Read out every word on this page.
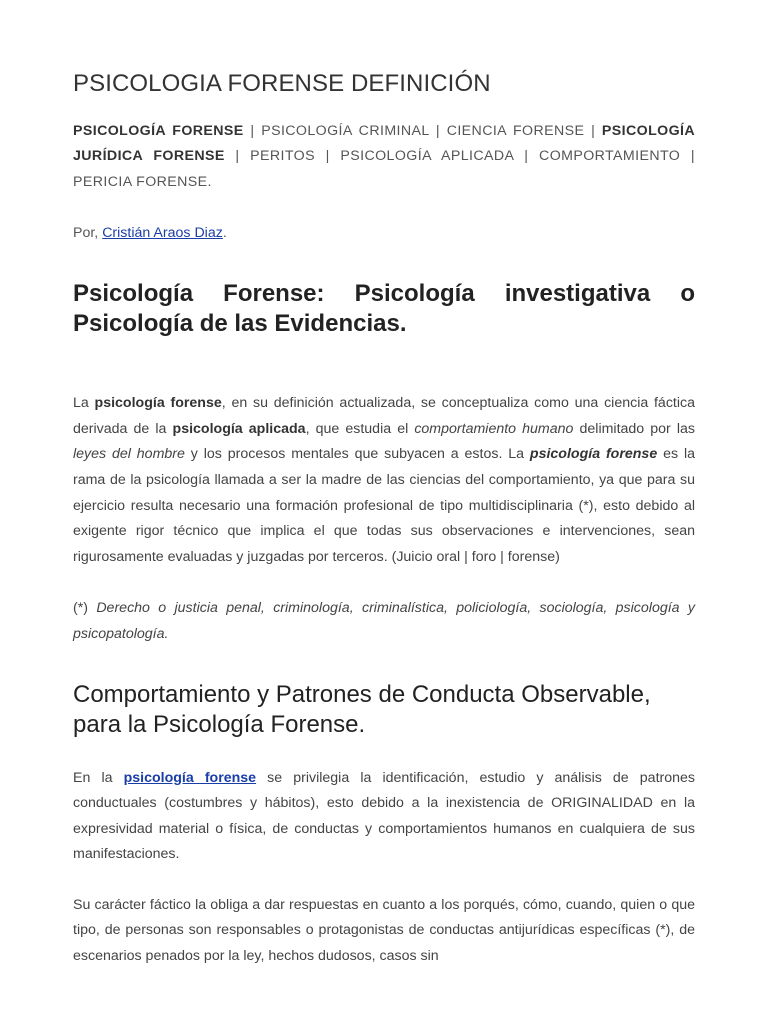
PSICOLOGIA FORENSE DEFINICIÓN

PSICOLOGÍA FORENSE | PSICOLOGÍA CRIMINAL | CIENCIA FORENSE | PSICOLOGÍA JURÍDICA FORENSE | PERITOS | PSICOLOGÍA APLICADA | COMPORTAMIENTO | PERICIA FORENSE.

Por, Cristián Araos Diaz.

Psicología Forense: Psicología investigativa o Psicología de las Evidencias.

La psicología forense, en su definición actualizada, se conceptualiza como una ciencia fáctica derivada de la psicología aplicada, que estudia el comportamiento humano delimitado por las leyes del hombre y los procesos mentales que subyacen a estos. La psicología forense es la rama de la psicología llamada a ser la madre de las ciencias del comportamiento, ya que para su ejercicio resulta necesario una formación profesional de tipo multidisciplinaria (*), esto debido al exigente rigor técnico que implica el que todas sus observaciones e intervenciones, sean rigurosamente evaluadas y juzgadas por terceros. (Juicio oral | foro | forense)

(*) Derecho o justicia penal, criminología, criminalística, policiología, sociología, psicología y psicopatología.

Comportamiento y Patrones de Conducta Observable, para la Psicología Forense.

En la psicología forense se privilegia la identificación, estudio y análisis de patrones conductuales (costumbres y hábitos), esto debido a la inexistencia de ORIGINALIDAD en la expresividad material o física, de conductas y comportamientos humanos en cualquiera de sus manifestaciones.

Su carácter fáctico la obliga a dar respuestas en cuanto a los porqués, cómo, cuando, quien o que tipo, de personas son responsables o protagonistas de conductas antijurídicas específicas (*), de escenarios penados por la ley, hechos dudosos, casos sin
